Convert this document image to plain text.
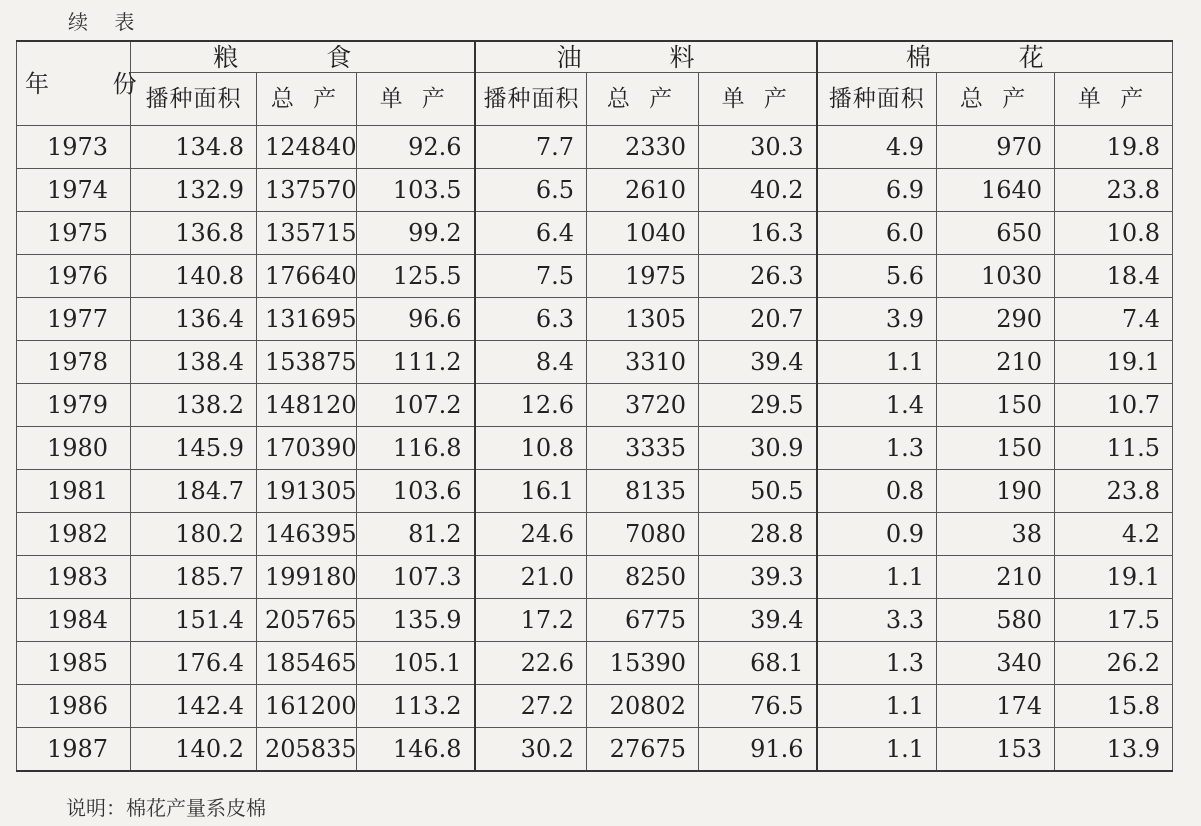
续 表
年 份	粮 食			油 料			棉 花		
	播种面积	总 产	单 产	播种面积	总 产	单 产	播种面积	总 产	单 产
1973	134.8	124840	92.6	7.7	2330	30.3	4.9	970	19.8
1974	132.9	137570	103.5	6.5	2610	40.2	6.9	1640	23.8
1975	136.8	135715	99.2	6.4	1040	16.3	6.0	650	10.8
1976	140.8	176640	125.5	7.5	1975	26.3	5.6	1030	18.4
1977	136.4	131695	96.6	6.3	1305	20.7	3.9	290	7.4
1978	138.4	153875	111.2	8.4	3310	39.4	1.1	210	19.1
1979	138.2	148120	107.2	12.6	3720	29.5	1.4	150	10.7
1980	145.9	170390	116.8	10.8	3335	30.9	1.3	150	11.5
1981	184.7	191305	103.6	16.1	8135	50.5	0.8	190	23.8
1982	180.2	146395	81.2	24.6	7080	28.8	0.9	38	4.2
1983	185.7	199180	107.3	21.0	8250	39.3	1.1	210	19.1
1984	151.4	205765	135.9	17.2	6775	39.4	3.3	580	17.5
1985	176.4	185465	105.1	22.6	15390	68.1	1.3	340	26.2
1986	142.4	161200	113.2	27.2	20802	76.5	1.1	174	15.8
1987	140.2	205835	146.8	30.2	27675	91.6	1.1	153	13.9
说明：棉花产量系皮棉
